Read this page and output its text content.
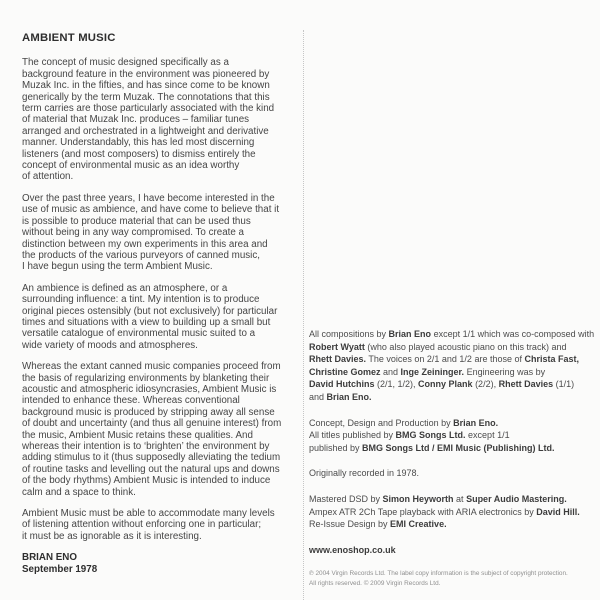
AMBIENT MUSIC
The concept of music designed specifically as a
background feature in the environment was pioneered by
Muzak Inc. in the fifties, and has since come to be known
generically by the term Muzak. The connotations that this
term carries are those particularly associated with the kind
of material that Muzak Inc. produces – familiar tunes
arranged and orchestrated in a lightweight and derivative
manner. Understandably, this has led most discerning
listeners (and most composers) to dismiss entirely the
concept of environmental music as an idea worthy
of attention.
Over the past three years, I have become interested in the
use of music as ambience, and have come to believe that it
is possible to produce material that can be used thus
without being in any way compromised. To create a
distinction between my own experiments in this area and
the products of the various purveyors of canned music,
I have begun using the term Ambient Music.
An ambience is defined as an atmosphere, or a
surrounding influence: a tint. My intention is to produce
original pieces ostensibly (but not exclusively) for particular
times and situations with a view to building up a small but
versatile catalogue of environmental music suited to a
wide variety of moods and atmospheres.
Whereas the extant canned music companies proceed from
the basis of regularizing environments by blanketing their
acoustic and atmospheric idiosyncrasies, Ambient Music is
intended to enhance these. Whereas conventional
background music is produced by stripping away all sense
of doubt and uncertainty (and thus all genuine interest) from
the music, Ambient Music retains these qualities. And
whereas their intention is to ‘brighten’ the environment by
adding stimulus to it (thus supposedly alleviating the tedium
of routine tasks and levelling out the natural ups and downs
of the body rhythms) Ambient Music is intended to induce
calm and a space to think.
Ambient Music must be able to accommodate many levels
of listening attention without enforcing one in particular;
it must be as ignorable as it is interesting.
BRIAN ENO
September 1978
All compositions by Brian Eno except 1/1 which was co-composed with
Robert Wyatt (who also played acoustic piano on this track) and
Rhett Davies. The voices on 2/1 and 1/2 are those of Christa Fast,
Christine Gomez and Inge Zeininger. Engineering was by
David Hutchins (2/1, 1/2), Conny Plank (2/2), Rhett Davies (1/1)
and Brian Eno.
Concept, Design and Production by Brian Eno.
All titles published by BMG Songs Ltd. except 1/1
published by BMG Songs Ltd / EMI Music (Publishing) Ltd.
Originally recorded in 1978.
Mastered DSD by Simon Heyworth at Super Audio Mastering.
Ampex ATR 2Ch Tape playback with ARIA electronics by David Hill.
Re-Issue Design by EMI Creative.
www.enoshop.co.uk
℗ 2004 Virgin Records Ltd. The label copy information is the subject of copyright protection.
All rights reserved. © 2009 Virgin Records Ltd.
